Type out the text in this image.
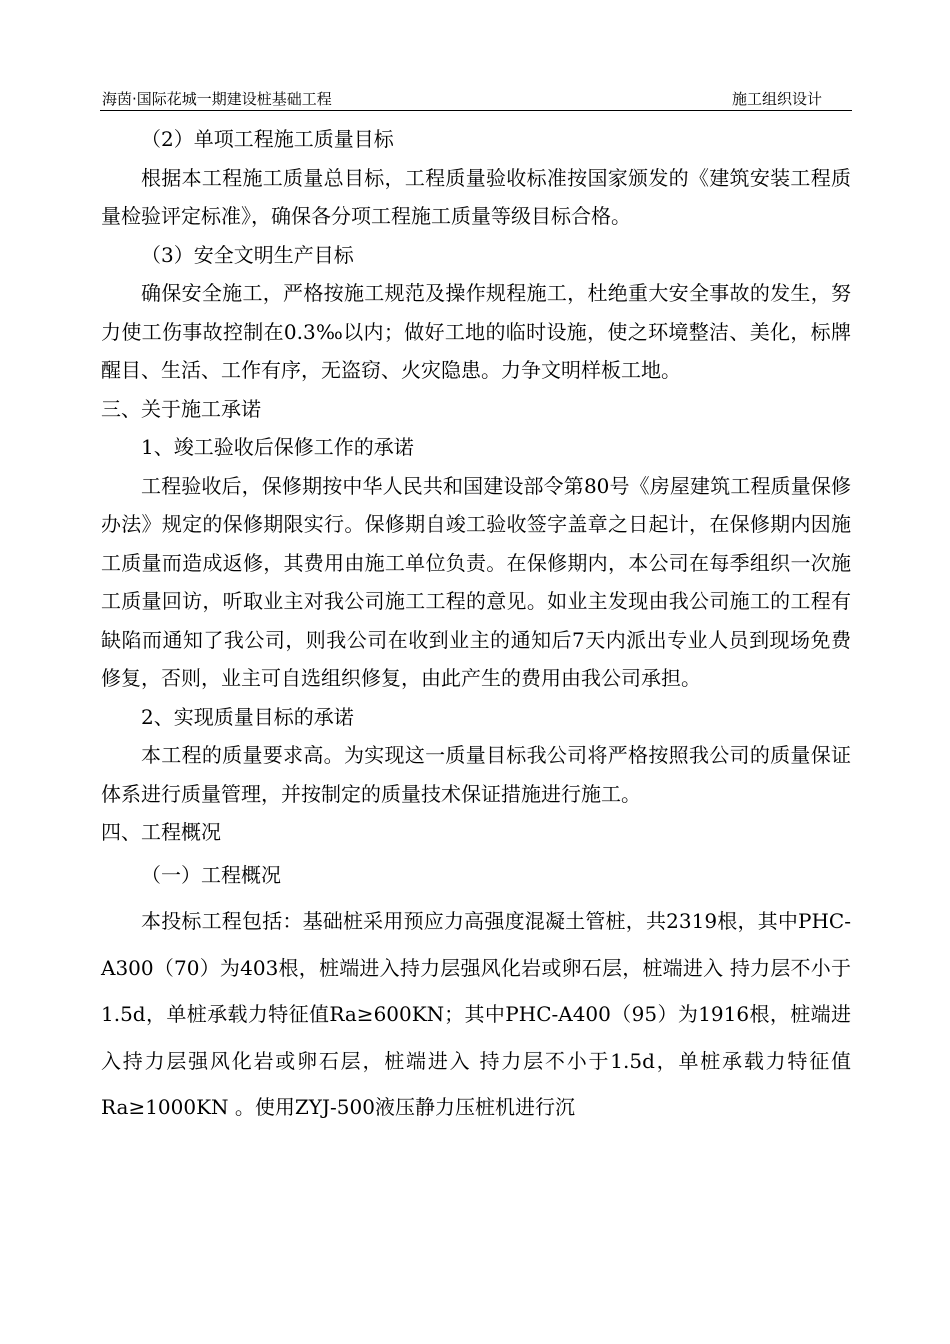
海茵·国际花城一期建设桩基础工程	施工组织设计

（2）单项工程施工质量目标

根据本工程施工质量总目标，工程质量验收标准按国家颁发的《建筑安装工程质量检验评定标准》，确保各分项工程施工质量等级目标合格。

（3）安全文明生产目标

确保安全施工，严格按施工规范及操作规程施工，杜绝重大安全事故的发生，努力使工伤事故控制在0.3‰以内；做好工地的临时设施，使之环境整洁、美化，标牌醒目、生活、工作有序，无盗窃、火灾隐患。力争文明样板工地。

三、关于施工承诺

1、竣工验收后保修工作的承诺

工程验收后，保修期按中华人民共和国建设部令第80号《房屋建筑工程质量保修办法》规定的保修期限实行。保修期自竣工验收签字盖章之日起计，在保修期内因施工质量而造成返修，其费用由施工单位负责。在保修期内，本公司在每季组织一次施工质量回访，听取业主对我公司施工工程的意见。如业主发现由我公司施工的工程有缺陷而通知了我公司，则我公司在收到业主的通知后7天内派出专业人员到现场免费修复，否则，业主可自选组织修复，由此产生的费用由我公司承担。

2、实现质量目标的承诺

本工程的质量要求高。为实现这一质量目标我公司将严格按照我公司的质量保证体系进行质量管理，并按制定的质量技术保证措施进行施工。

四、工程概况

（一）工程概况

本投标工程包括：基础桩采用预应力高强度混凝土管桩，共2319根，其中PHC-A300（70）为403根，桩端进入持力层强风化岩或卵石层，桩端进入 持力层不小于1.5d，单桩承载力特征值Ra≥600KN；其中PHC-A400（95）为1916根，桩端进入持力层强风化岩或卵石层，桩端进入 持力层不小于1.5d，单桩承载力特征值Ra≥1000KN 。使用ZYJ-500液压静力压桩机进行沉
